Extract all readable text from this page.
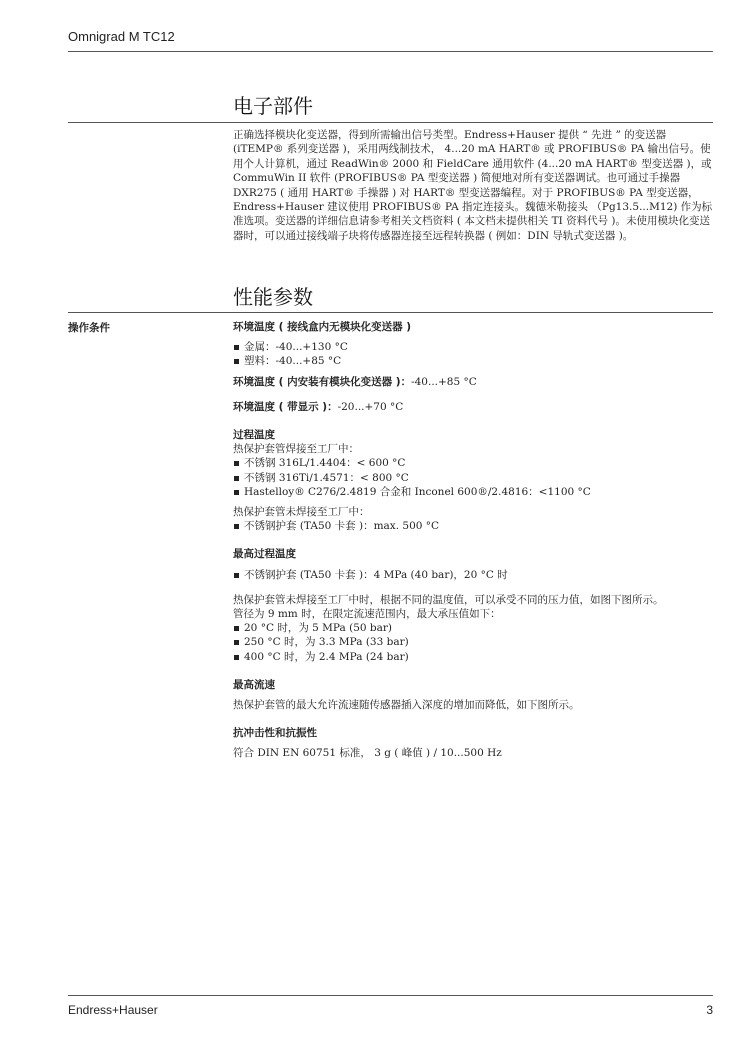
Omnigrad M TC12
电子部件

正确选择模块化变送器，得到所需输出信号类型。Endress+Hauser 提供 “ 先进 ” 的变送器 (iTEMP® 系列变送器 )，采用两线制技术， 4...20 mA HART® 或 PROFIBUS® PA 输出信号。使用个人计算机，通过 ReadWin® 2000 和 FieldCare 通用软件 (4...20 mA HART® 型变送器 )，或 CommuWin II 软件 (PROFIBUS® PA 型变送器 ) 简便地对所有变送器调试。也可通过手操器 DXR275 ( 通用 HART® 手操器 ) 对 HART® 型变送器编程。对于 PROFIBUS® PA 型变送器，Endress+Hauser 建议使用 PROFIBUS® PA 指定连接头。魏德米勒接头 （Pg13.5...M12) 作为标准选项。变送器的详细信息请参考相关文档资料 ( 本文档未提供相关 TI 资料代号 )。未使用模块化变送器时，可以通过接线端子块将传感器连接至远程转换器 ( 例如：DIN 导轨式变送器 )。

性能参数
操作条件	环境温度 ( 接线盒内无模块化变送器 )

金属：-40...+130 °C
塑料：-40...+85 °C

环境温度 ( 内安装有模块化变送器 )：-40...+85 °C

环境温度 ( 带显示 )：-20...+70 °C

过程温度

热保护套管焊接至工厂中：

不锈钢 316L/1.4404：< 600 °C
不锈钢 316Ti/1.4571：< 800 °C
Hastelloy® C276/2.4819 合金和 Inconel 600®/2.4816：<1100 °C

热保护套管未焊接至工厂中：

不锈钢护套 (TA50 卡套 )：max. 500 °C

最高过程温度

不锈钢护套 (TA50 卡套 )：4 MPa (40 bar)，20 °C 时

热保护套管未焊接至工厂中时，根据不同的温度值，可以承受不同的压力值，如图下图所示。

管径为 9 mm 时，在限定流速范围内，最大承压值如下：

20 °C 时，为 5 MPa (50 bar)
250 °C 时，为 3.3 MPa (33 bar)
400 °C 时，为 2.4 MPa (24 bar)

最高流速

热保护套管的最大允许流速随传感器插入深度的增加而降低，如下图所示。

抗冲击性和抗振性

符合 DIN EN 60751 标准， 3 g ( 峰值 ) / 10...500 Hz

Endress+Hauser	3
